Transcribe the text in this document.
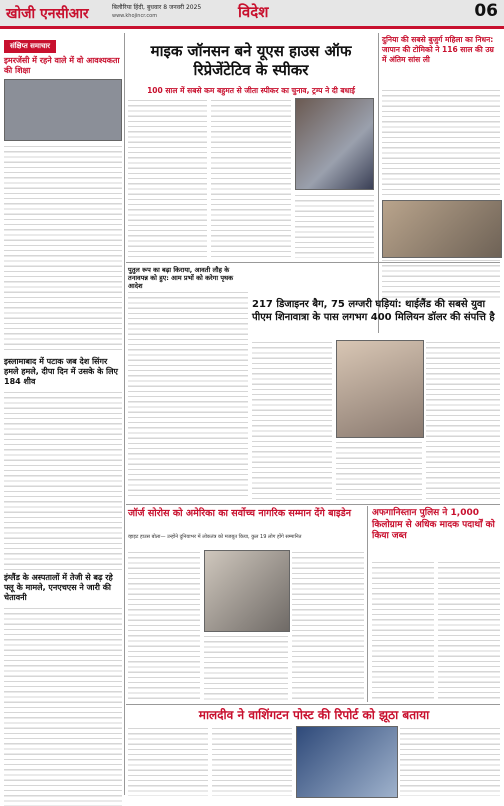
खोजी एनसीआर	बिलौरिया हिंदी, बुधवार 8 जनवरी 2025
www.khojincr.com	विदेश	06
संक्षिप्त समाचार
इमरजेंसी में रहने वाले में वो आवश्यकता की शिक्षा
इस्लामाबाद में पटाक जब देश सिंगर हमले हमले, दीपा दिन में उसके के लिए 184 शीव
इंग्लैंड के अस्पतालों में तेजी से बढ़ रहे फ्लू के मामले, एनएचएस ने जारी की चेतावनी
माइक जॉनसन बने यूएस हाउस ऑफ रिप्रेजेंटेटिव के स्पीकर
100 साल में सबसे कम बहुमत से जीता स्पीकर का चुनाव, ट्रम्प ने दी बधाई
दुनिया की सबसे बुजुर्ग महिला का निधन: जापान की टोमिको ने 116 साल की उम्र में अंतिम सांस ली
पुतुल रूप का बढ़ा किराया, आवती लौह के तनावपन्न को हुए: आम प्रभों को करेगा पृथक आदेश
217 डिजाइनर बैग, 75 लग्जरी घड़ियां: थाईलैंड की सबसे युवा पीएम शिनावात्रा के पास लगभग 400 मिलियन डॉलर की संपत्ति है
जॉर्ज सोरोस को अमेरिका का सर्वोच्च नागरिक सम्मान देंगे बाइडेन
व्हाइट हाउस बोला— उन्होंने दुनियाभर में लोकतंत्र को मजबूत किया, कुल 19 लोग होंगे सम्मानित
अफगानिस्तान पुलिस ने 1,000 किलोग्राम से अधिक मादक पदार्थों को किया जब्त
मालदीव ने वाशिंगटन पोस्ट की रिपोर्ट को झूठा बताया
